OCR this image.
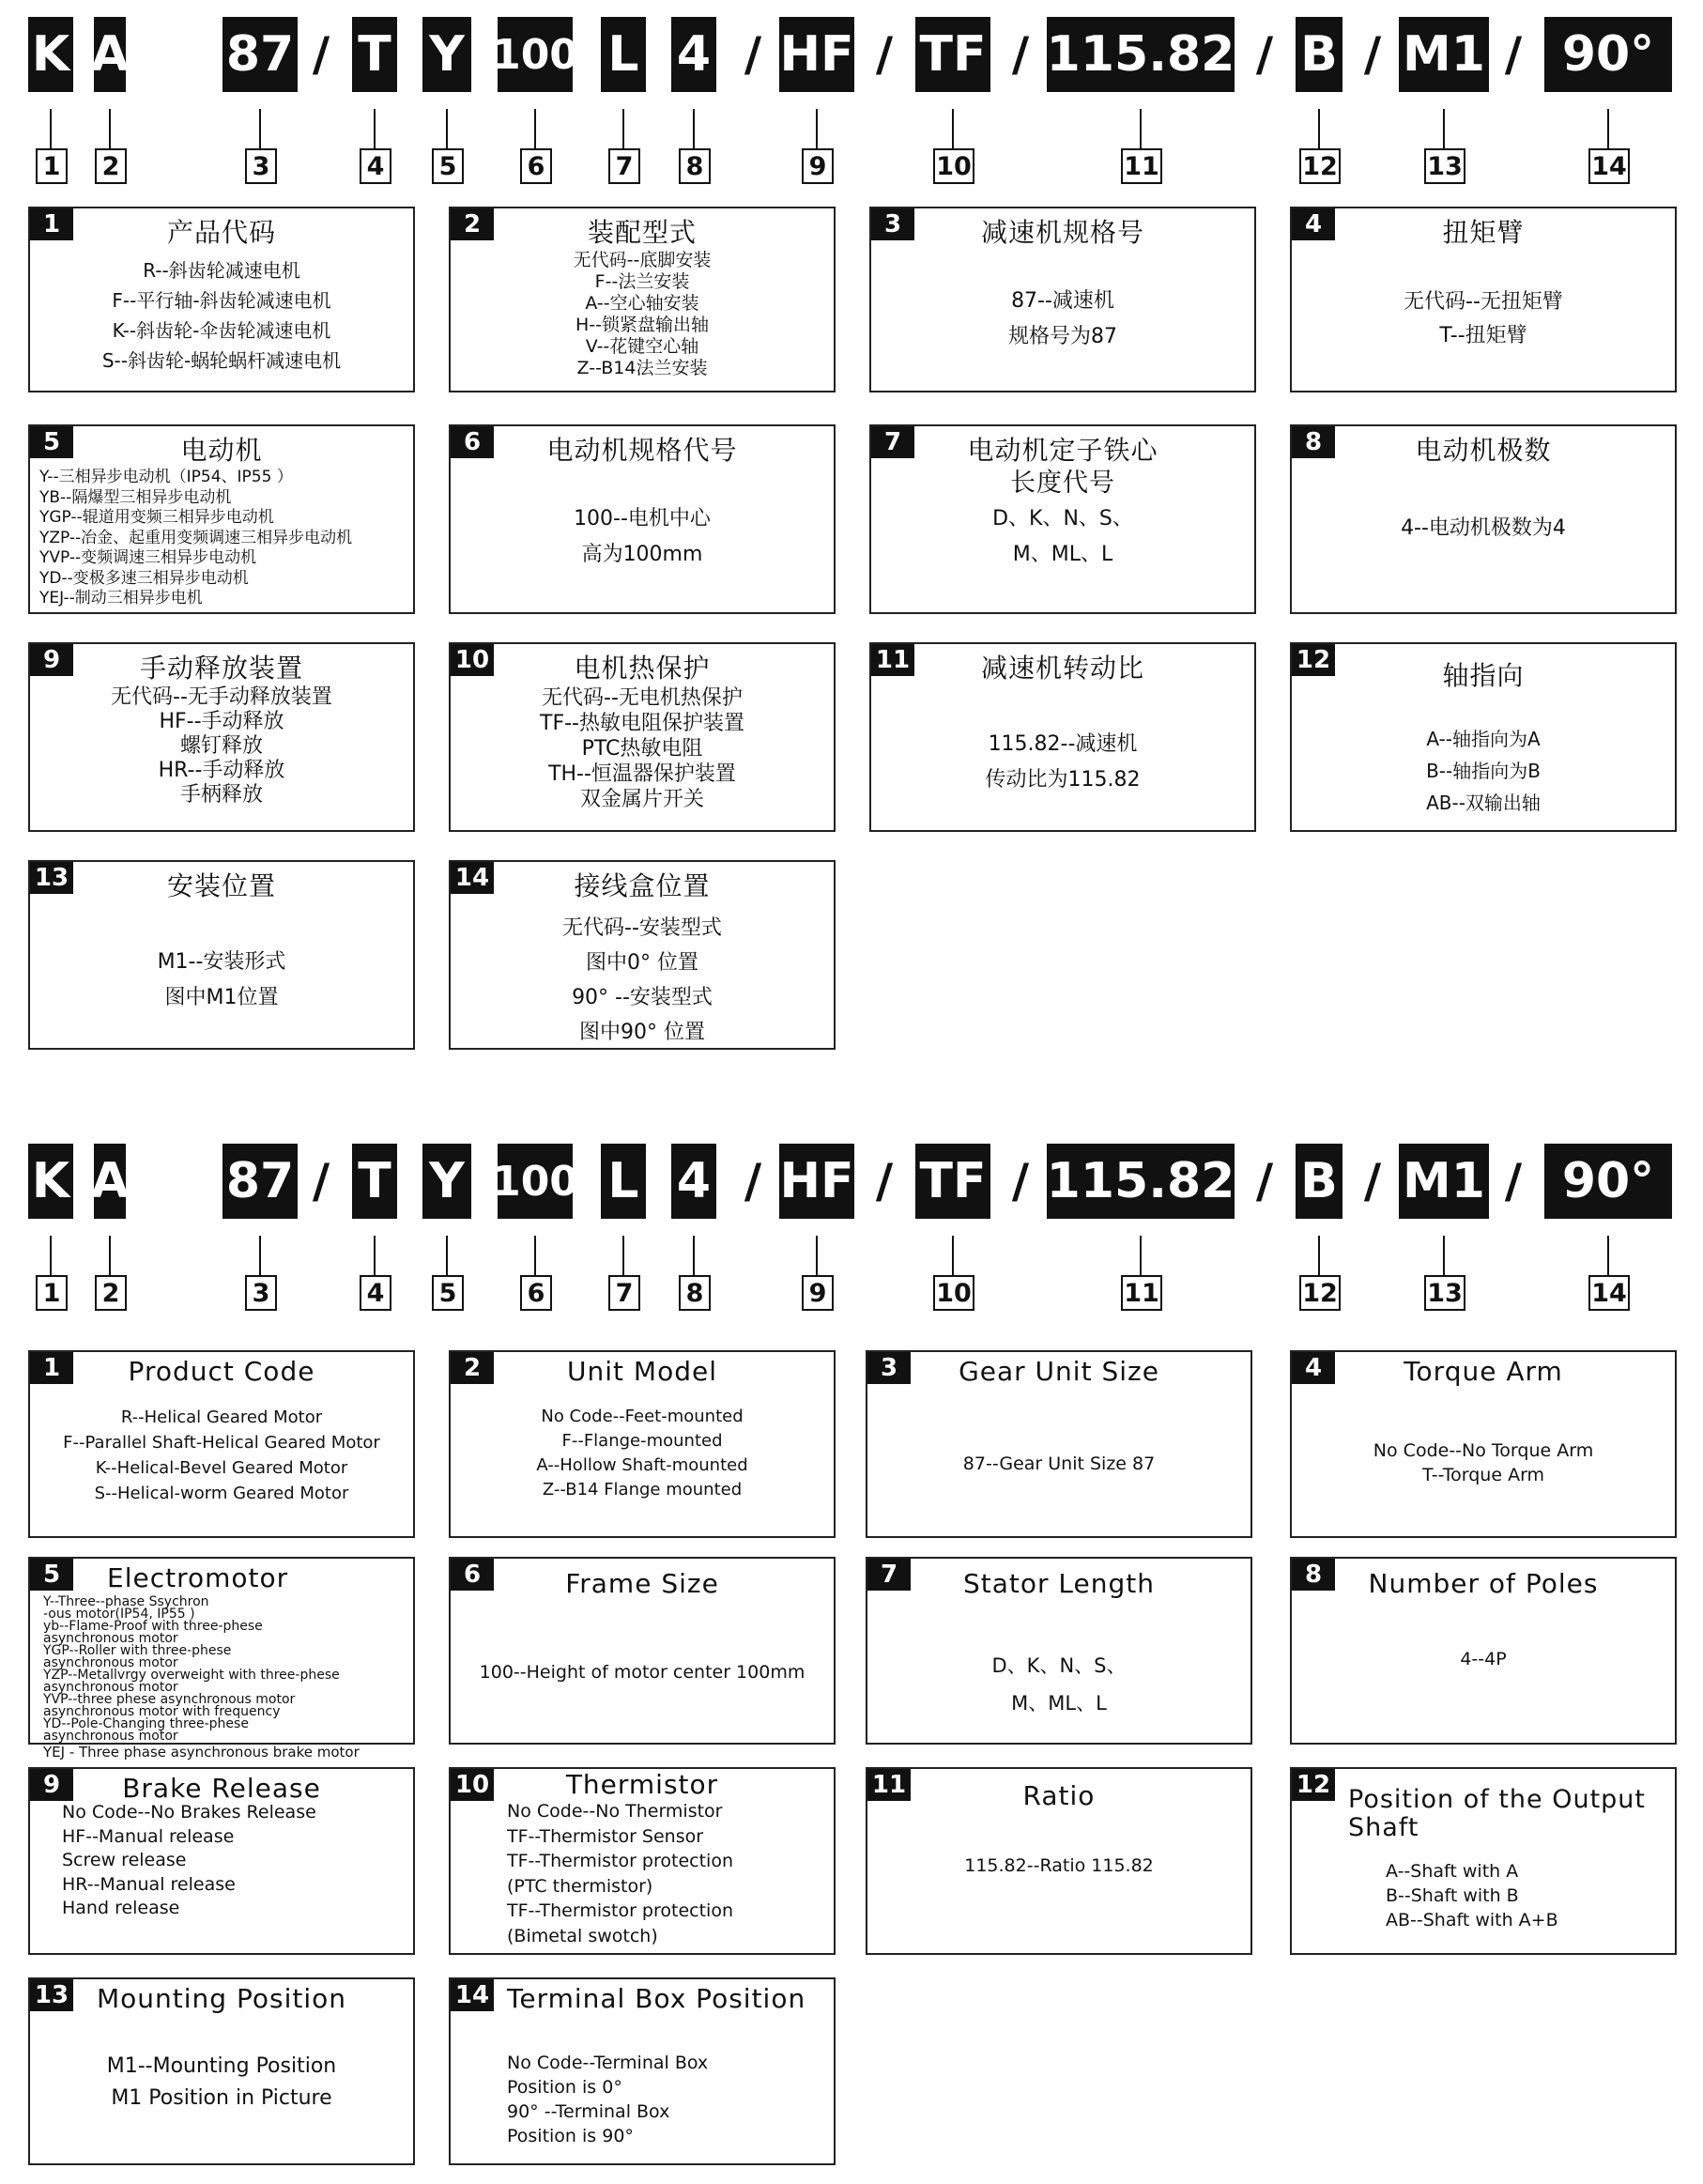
K A 87 / T Y 100 L 4 / HF / TF / 115.82 / B / M1 / 90°
1 2	3	4 5	6	7 8	9	10	11	12	13	14
1	产品代码
R--斜齿轮减速电机
F--平行轴-斜齿轮减速电机
K--斜齿轮-伞齿轮减速电机
S--斜齿轮-蜗轮蜗杆减速电机
2	装配型式
无代码--底脚安装
F--法兰安装
A--空心轴安装
H--锁紧盘输出轴
V--花键空心轴
Z--B14法兰安装
3	减速机规格号
87--减速机
规格号为87
4	扭矩臂
无代码--无扭矩臂
T--扭矩臂
5	电动机
Y--三相异步电动机（IP54、IP55 ）
YB--隔爆型三相异步电动机
YGP--辊道用变频三相异步电动机
YZP--冶金、起重用变频调速三相异步电动机
YVP--变频调速三相异步电动机
YD--变极多速三相异步电动机
YEJ--制动三相异步电机
6	电动机规格代号
100--电机中心
高为100mm
7	电动机定子铁心
长度代号
D、K、N、S、
M、ML、L
8	电动机极数
4--电动机极数为4
9	手动释放装置
无代码--无手动释放装置
HF--手动释放
螺钉释放
HR--手动释放
手柄释放
10	电机热保护
无代码--无电机热保护
TF--热敏电阻保护装置
PTC热敏电阻
TH--恒温器保护装置
双金属片开关
11	减速机转动比
115.82--减速机
传动比为115.82
12	轴指向
A--轴指向为A
B--轴指向为B
AB--双输出轴
13	安装位置
M1--安装形式
图中M1位置
14	接线盒位置
无代码--安装型式
图中0° 位置
90° --安装型式
图中90° 位置
K A 87 / T Y 100 L 4 / HF / TF / 115.82 / B / M1 / 90°
1 2	3	4 5	6	7 8	9	10	11	12	13	14
1	Product Code
R--Helical Geared Motor
F--Parallel Shaft-Helical Geared Motor
K--Helical-Bevel Geared Motor
S--Helical-worm Geared Motor
2	Unit Model
No Code--Feet-mounted
F--Flange-mounted
A--Hollow Shaft-mounted
Z--B14 Flange mounted
3	Gear Unit Size
87--Gear Unit Size 87
4	Torque Arm
No Code--No Torque Arm
T--Torque Arm
5	Electromotor
Y--Three--phase Ssychron
-ous motor(IP54, IP55 )
yb--Flame-Proof with three-phese
asynchronous motor
YGP--Roller with three-phese
asynchronous motor
YZP--Metallvrgy overweight with three-phese
asynchronous motor
YVP--three phese asynchronous motor
asynchronous motor with frequency
YD--Pole-Changing three-phese
asynchronous motor
YEJ - Three phase asynchronous brake motor
6	Frame Size
100--Height of motor center 100mm
7	Stator Length
D、K、N、S、
M、ML、L
8	Number of Poles
4--4P
9	Brake Release
No Code--No Brakes Release
HF--Manual release
Screw release
HR--Manual release
Hand release
10	Thermistor
No Code--No Thermistor
TF--Thermistor Sensor
TF--Thermistor protection
(PTC thermistor)
TF--Thermistor protection
(Bimetal swotch)
11	Ratio
115.82--Ratio 115.82
12 Position of the Output Shaft
A--Shaft with A
B--Shaft with B
AB--Shaft with A+B
13	Mounting Position
M1--Mounting Position
M1 Position in Picture
14 Terminal Box Position
No Code--Terminal Box
Position is 0°
90° --Terminal Box
Position is 90°
